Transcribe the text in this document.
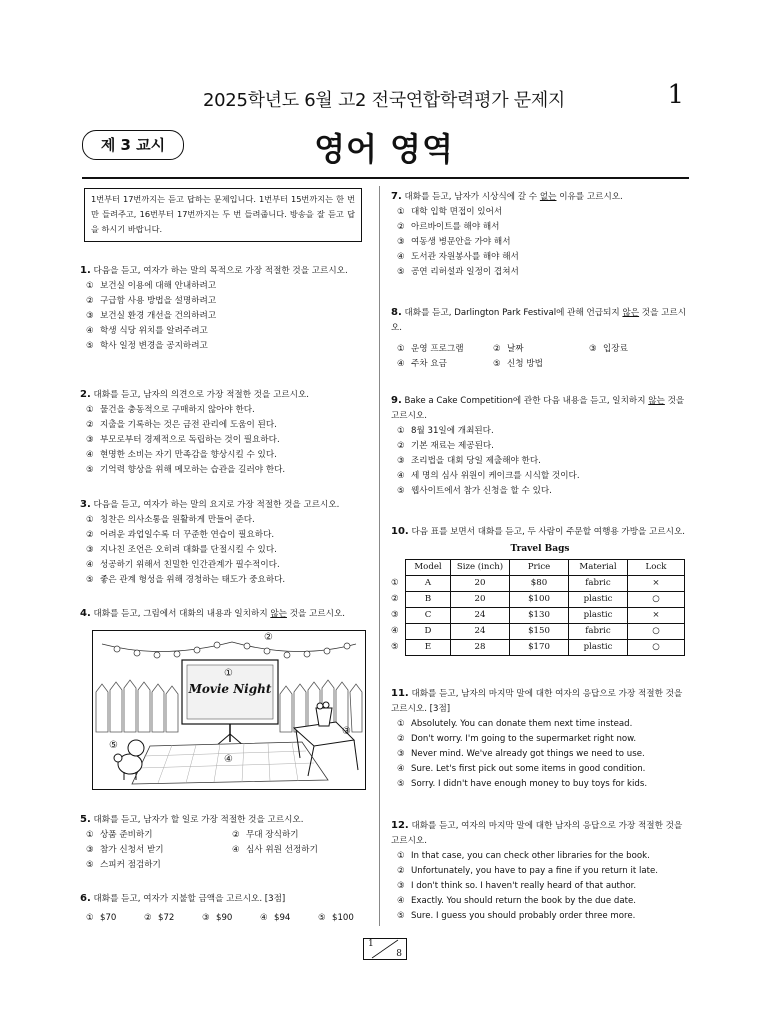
2025학년도 6월 고2 전국연합학력평가 문제지	1
제 3 교시	영어 영역
1번부터 17번까지는 듣고 답하는 문제입니다. 1번부터 15번까지는 한 번만 들려주고, 16번부터 17번까지는 두 번 들려줍니다. 방송을 잘 듣고 답을 하시기 바랍니다.

1. 다음을 듣고, 여자가 하는 말의 목적으로 가장 적절한 것을 고르시오.

① 보건실 이용에 대해 안내하려고
② 구급함 사용 방법을 설명하려고
③ 보건실 환경 개선을 건의하려고
④ 학생 식당 위치를 알려주려고
⑤ 학사 일정 변경을 공지하려고

2. 대화를 듣고, 남자의 의견으로 가장 적절한 것을 고르시오.

① 물건을 충동적으로 구매하지 않아야 한다.
② 지출을 기록하는 것은 금전 관리에 도움이 된다.
③ 부모로부터 경제적으로 독립하는 것이 필요하다.
④ 현명한 소비는 자기 만족감을 향상시킬 수 있다.
⑤ 기억력 향상을 위해 메모하는 습관을 길러야 한다.

3. 다음을 듣고, 여자가 하는 말의 요지로 가장 적절한 것을 고르시오.

① 칭찬은 의사소통을 원활하게 만들어 준다.
② 어려운 과업일수록 더 꾸준한 연습이 필요하다.
③ 지나친 조언은 오히려 대화를 단절시킬 수 있다.
④ 성공하기 위해서 친밀한 인간관계가 필수적이다.
⑤ 좋은 관계 형성을 위해 경청하는 태도가 중요하다.

4. 대화를 듣고, 그림에서 대화의 내용과 일치하지 않는 것을 고르시오.

Movie Night
②
①
③
⑤
④

5. 대화를 듣고, 남자가 할 일로 가장 적절한 것을 고르시오.

① 상품 준비하기	② 무대 장식하기
③ 참가 신청서 받기	④ 심사 위원 선정하기
⑤ 스피커 점검하기

6. 대화를 듣고, 여자가 지불할 금액을 고르시오. [3점]

① $70	② $72	③ $90	④ $94	⑤ $100

7. 대화를 듣고, 남자가 시상식에 갈 수 없는 이유를 고르시오.

① 대학 입학 면접이 있어서
② 아르바이트를 해야 해서
③ 여동생 병문안을 가야 해서
④ 도서관 자원봉사를 해야 해서
⑤ 공연 리허설과 일정이 겹쳐서

8. 대화를 듣고, Darlington Park Festival에 관해 언급되지 않은 것을 고르시오.

① 운영 프로그램	② 날짜	③ 입장료
④ 주차 요금	⑤ 신청 방법

9. Bake a Cake Competition에 관한 다음 내용을 듣고, 일치하지 않는 것을 고르시오.

① 8월 31일에 개최된다.
② 기본 재료는 제공된다.
③ 조리법을 대회 당일 제출해야 한다.
④ 세 명의 심사 위원이 케이크를 시식할 것이다.
⑤ 웹사이트에서 참가 신청을 할 수 있다.

10. 다음 표를 보면서 대화를 듣고, 두 사람이 주문할 여행용 가방을 고르시오.

Travel Bags
	Model	Size (inch)	Price	Material	Lock
①	A	20	$80	fabric	×
②	B	20	$100	plastic	○
③	C	24	$130	plastic	×
④	D	24	$150	fabric	○
⑤	E	28	$170	plastic	○

11. 대화를 듣고, 남자의 마지막 말에 대한 여자의 응답으로 가장 적절한 것을 고르시오. [3점]

① Absolutely. You can donate them next time instead.
② Don't worry. I'm going to the supermarket right now.
③ Never mind. We've already got things we need to use.
④ Sure. Let's first pick out some items in good condition.
⑤ Sorry. I didn't have enough money to buy toys for kids.

12. 대화를 듣고, 여자의 마지막 말에 대한 남자의 응답으로 가장 적절한 것을 고르시오.

① In that case, you can check other libraries for the book.
② Unfortunately, you have to pay a fine if you return it late.
③ I don't think so. I haven't really heard of that author.
④ Exactly. You should return the book by the due date.
⑤ Sure. I guess you should probably order three more.
1
8
